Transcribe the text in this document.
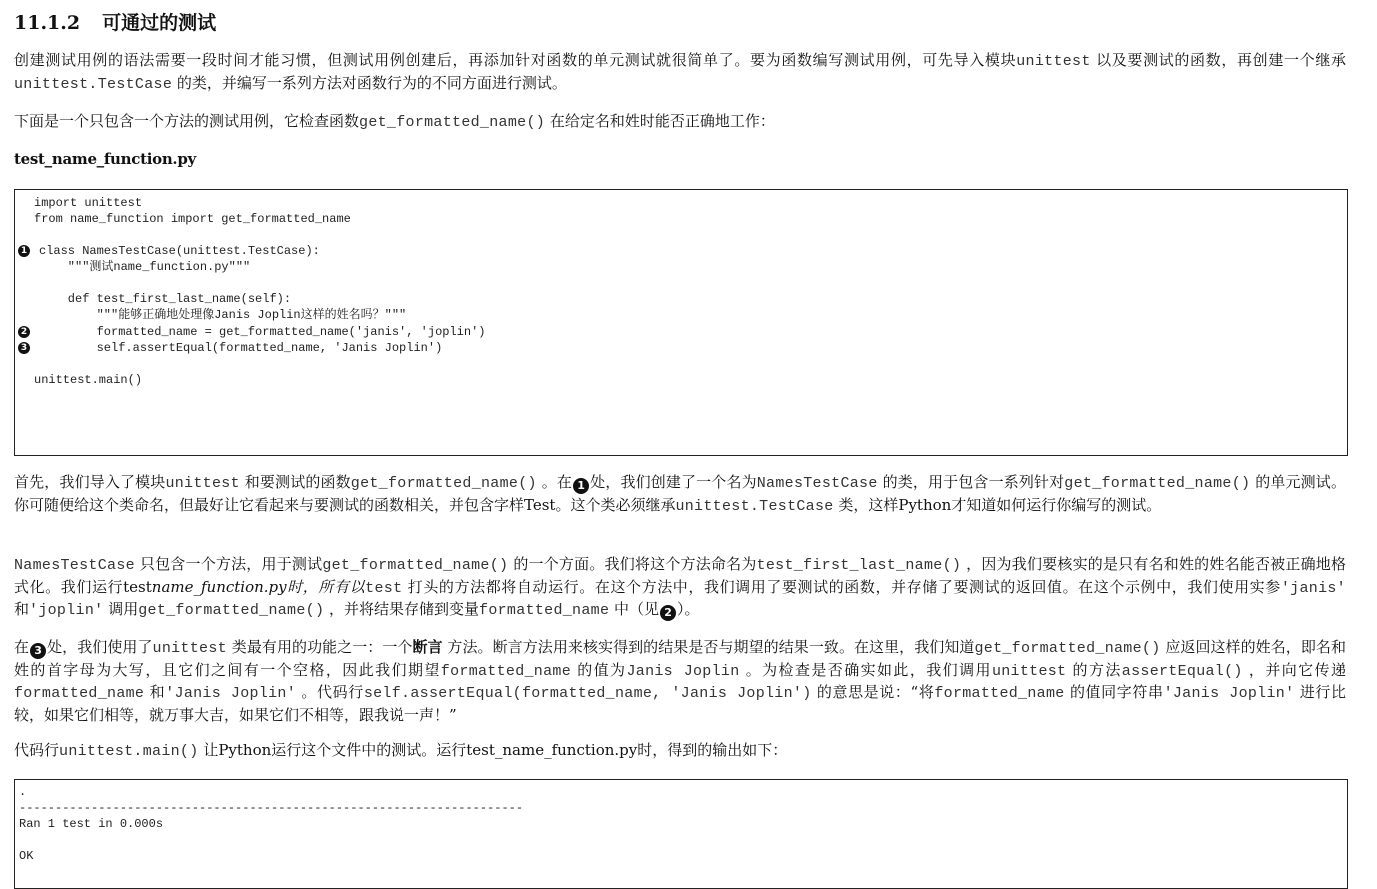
11.1.2 可通过的测试
创建测试用例的语法需要一段时间才能习惯，但测试用例创建后，再添加针对函数的单元测试就很简单了。要为函数编写测试用例，可先导入模块unittest 以及要测试的函数，再创建一个继承unittest.TestCase 的类，并编写一系列方法对函数行为的不同方面进行测试。
下面是一个只包含一个方法的测试用例，它检查函数get_formatted_name() 在给定名和姓时能否正确地工作：
test_name_function.py
import unittest
from name_function import get_formatted_name
1 class NamesTestCase(unittest.TestCase):
"""测试name_function.py"""
def test_first_last_name(self):
"""能够正确地处理像Janis Joplin这样的姓名吗？"""
2 formatted_name = get_formatted_name('janis', 'joplin')
3 self.assertEqual(formatted_name, 'Janis Joplin')
unittest.main()
首先，我们导入了模块unittest 和要测试的函数get_formatted_name() 。在 1 处，我们创建了一个名为NamesTestCase 的类，用于包含一系列针对get_formatted_name() 的单元测试。你可随便给这个类命名，但最好让它看起来与要测试的函数相关，并包含字样Test。这个类必须继承unittest.TestCase 类，这样Python才知道如何运行你编写的测试。
NamesTestCase 只包含一个方法，用于测试get_formatted_name() 的一个方面。我们将这个方法命名为test_first_last_name() ，因为我们要核实的是只有名和姓的姓名能否被正确地格式化。我们运行testname_function.py时，所有以test 打头的方法都将自动运行。在这个方法中，我们调用了要测试的函数，并存储了要测试的返回值。在这个示例中，我们使用实参'janis' 和'joplin' 调用get_formatted_name() ，并将结果存储到变量formatted_name 中（见 2 ）。
在 3 处，我们使用了unittest 类最有用的功能之一：一个断言 方法。断言方法用来核实得到的结果是否与期望的结果一致。在这里，我们知道get_formatted_name() 应返回这样的姓名，即名和姓的首字母为大写，且它们之间有一个空格，因此我们期望formatted_name 的值为Janis Joplin 。为检查是否确实如此，我们调用unittest 的方法assertEqual() ，并向它传递formatted_name 和'Janis Joplin' 。代码行self.assertEqual(formatted_name, 'Janis Joplin') 的意思是说：“将formatted_name 的值同字符串'Janis Joplin' 进行比较，如果它们相等，就万事大吉，如果它们不相等，跟我说一声！”
代码行unittest.main() 让Python运行这个文件中的测试。运行test_name_function.py时，得到的输出如下：
.
----------------------------------------------------------------------
Ran 1 test in 0.000s
OK
